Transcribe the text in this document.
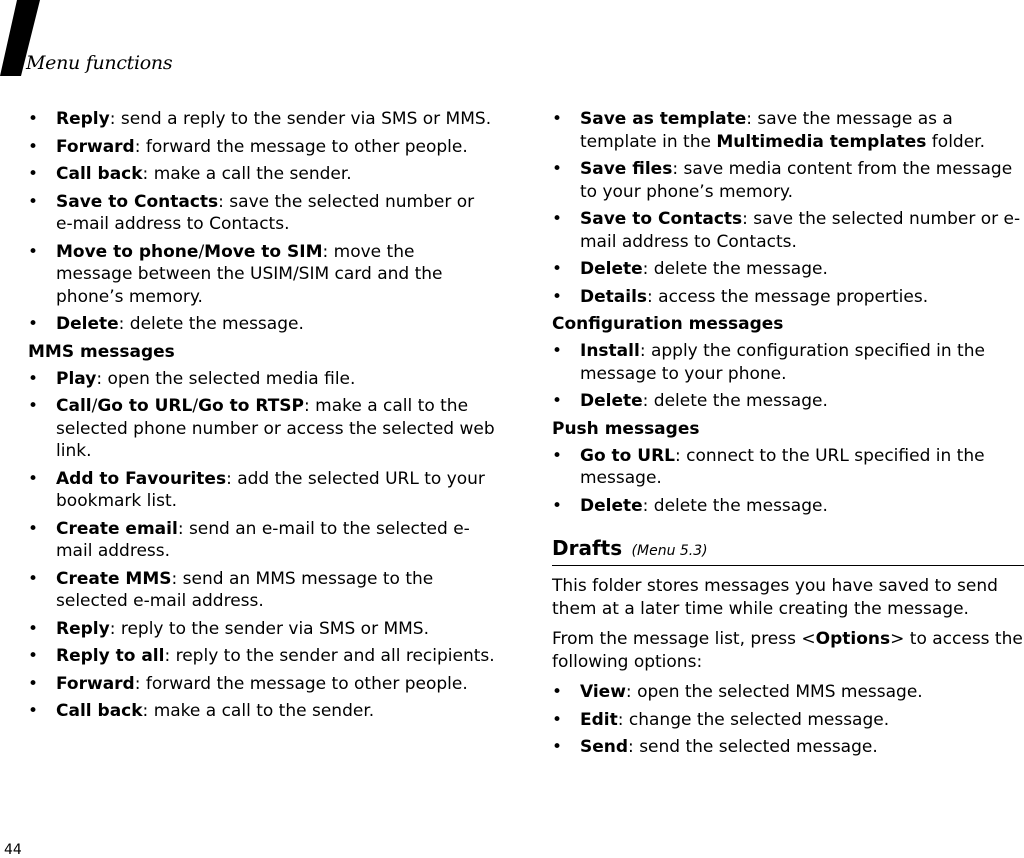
Menu functions
• Reply: send a reply to the sender via SMS or MMS.
• Forward: forward the message to other people.
• Call back: make a call the sender.
• Save to Contacts: save the selected number or e-mail address to Contacts.
• Move to phone/Move to SIM: move the message between the USIM/SIM card and the phone’s memory.
• Delete: delete the message.
MMS messages
• Play: open the selected media file.
• Call/Go to URL/Go to RTSP: make a call to the selected phone number or access the selected web link.
• Add to Favourites: add the selected URL to your bookmark list.
• Create email: send an e-mail to the selected e-mail address.
• Create MMS: send an MMS message to the selected e-mail address.
• Reply: reply to the sender via SMS or MMS.
• Reply to all: reply to the sender and all recipients.
• Forward: forward the message to other people.
• Call back: make a call to the sender.
• Save as template: save the message as a template in the Multimedia templates folder.
• Save files: save media content from the message to your phone’s memory.
• Save to Contacts: save the selected number or e-mail address to Contacts.
• Delete: delete the message.
• Details: access the message properties.
Configuration messages
• Install: apply the configuration specified in the message to your phone.
• Delete: delete the message.
Push messages
• Go to URL: connect to the URL specified in the message.
• Delete: delete the message.
Drafts (Menu 5.3)

This folder stores messages you have saved to send them at a later time while creating the message.

From the message list, press <Options> to access the following options:

• View: open the selected MMS message.
• Edit: change the selected message.
• Send: send the selected message.
44
